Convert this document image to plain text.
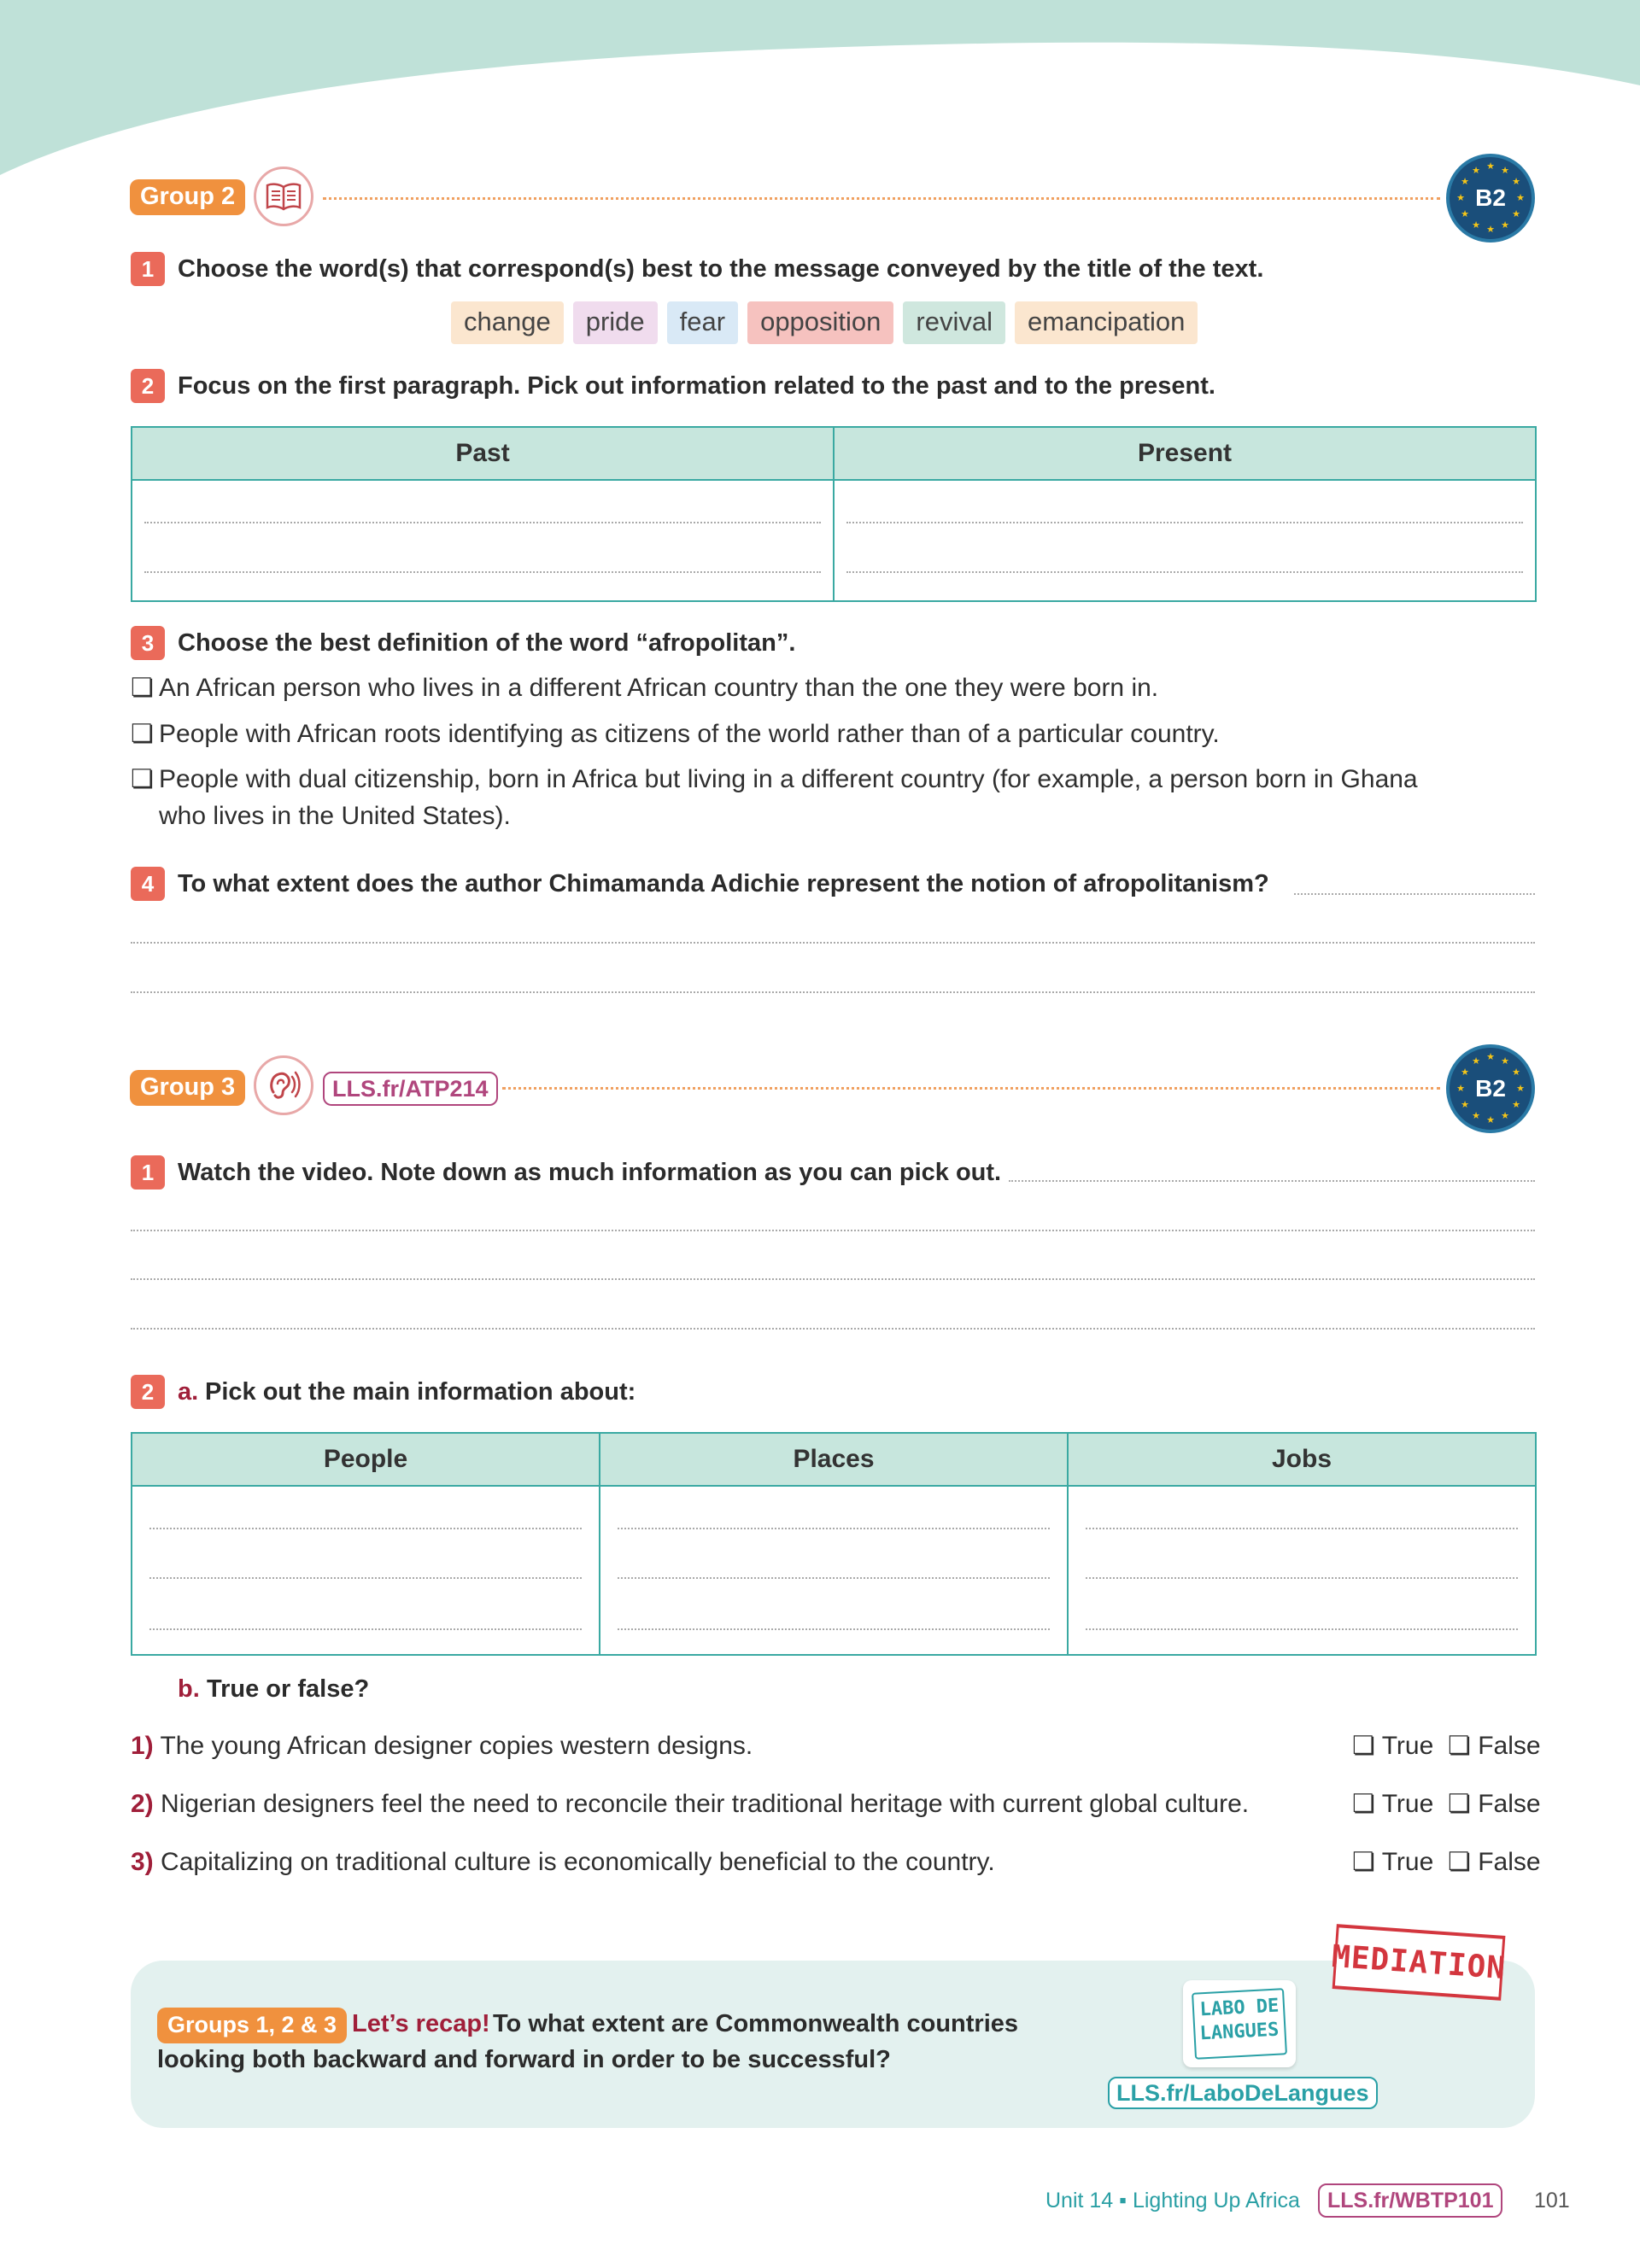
Group 2
★ ★
★
★
★
★
★
★
★
★
★
★
B2
1 Choose the word(s) that correspond(s) best to the message conveyed by the title of the text.
change	pride	fear	opposition	revival	emancipation
2 Focus on the first paragraph. Pick out information related to the past and to the present.
Past	Present

3 Choose the best definition of the word “afropolitan”.
❏ An African person who lives in a different African country than the one they were born in.
❏ People with African roots identifying as citizens of the world rather than of a particular country.
❏ People with dual citizenship, born in Africa but living in a different country (for example, a person born in Ghana
who lives in the United States).
4 To what extent does the author Chimamanda Adichie represent the notion of afropolitanism?
Group 3	LLS.fr/ATP214
★ ★
★
★
★
★
★
★
★
★
★
★
B2
1 Watch the video. Note down as much information as you can pick out.
2 a. Pick out the main information about:
People	Places	Jobs

b. True or false?
1) The young African designer copies western designs.	❏ True ❏ False
2) Nigerian designers feel the need to reconcile their traditional heritage with current global culture.	❏ True ❏ False
3) Capitalizing on traditional culture is economically beneficial to the country.	❏ True ❏ False
Groups 1, 2 & 3 Let’s recap! To what extent are Commonwealth countries
looking both backward and forward in order to be successful?
MEDIATION
LABO DE
LANGUES
LLS.fr/LaboDeLangues
Unit 14 ▪ Lighting Up Africa	LLS.fr/WBTP101	101
